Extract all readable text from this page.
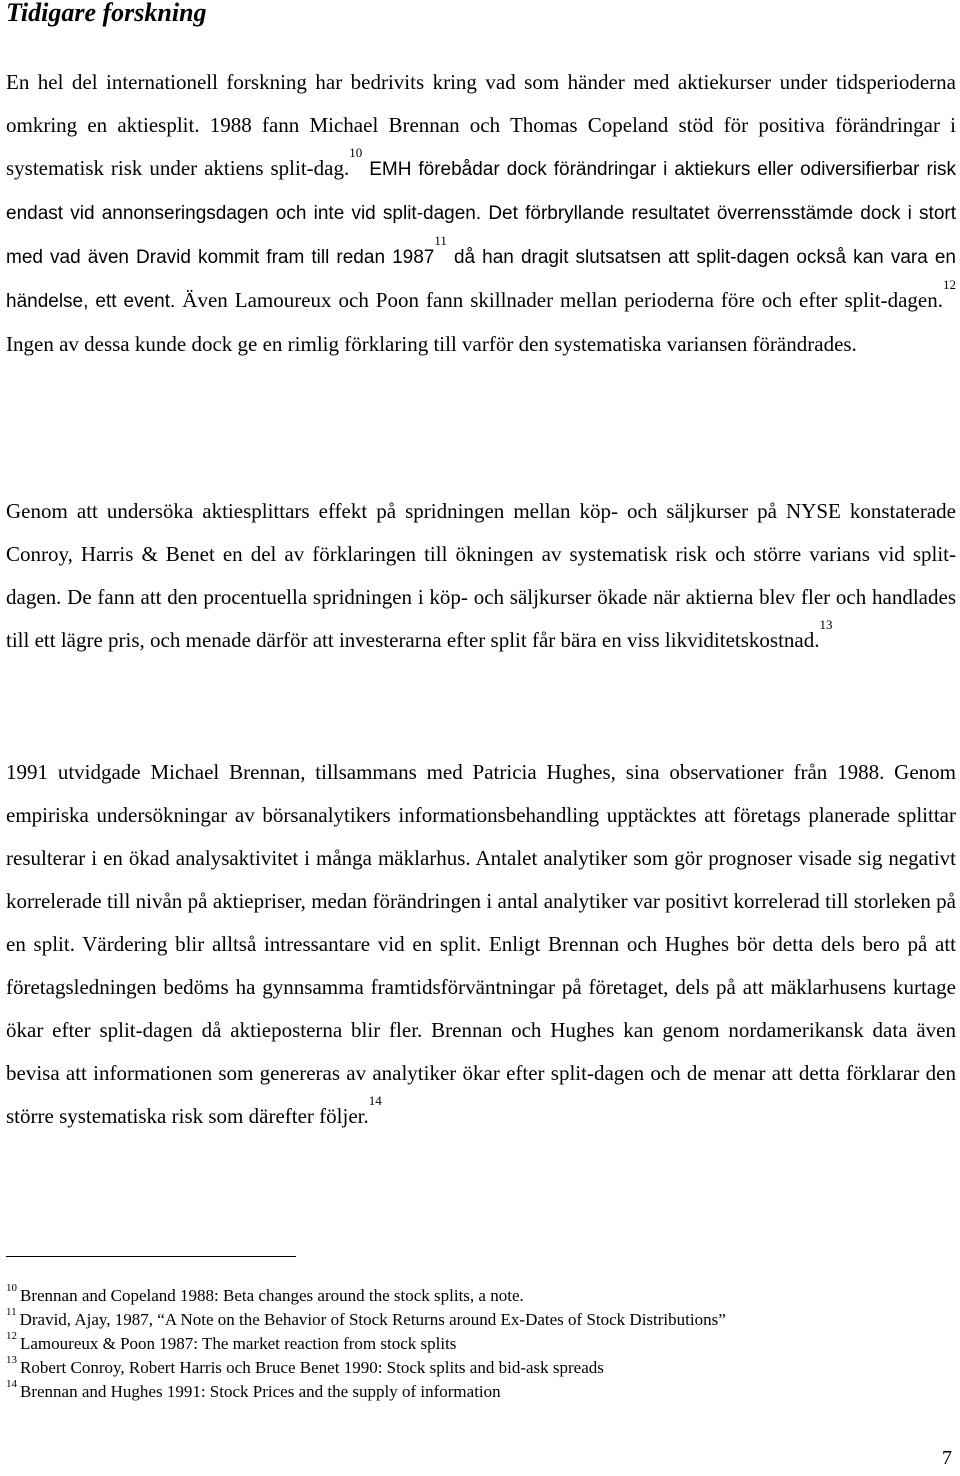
Tidigare forskning

En hel del internationell forskning har bedrivits kring vad som händer med aktiekurser under tidsperioderna omkring en aktiesplit. 1988 fann Michael Brennan och Thomas Copeland stöd för positiva förändringar i systematisk risk under aktiens split-dag.$^{10}$ EMH förebådar dock förändringar i aktiekurs eller odiversifierbar risk endast vid annonseringsdagen och inte vid split-dagen. Det förbryllande resultatet överrensstämde dock i stort med vad även Dravid kommit fram till redan 1987$^{11}$ då han dragit slutsatsen att split-dagen också kan vara en händelse, ett event. Även Lamoureux och Poon fann skillnader mellan perioderna före och efter split-dagen.$^{12}$ Ingen av dessa kunde dock ge en rimlig förklaring till varför den systematiska variansen förändrades.

Genom att undersöka aktiesplittars effekt på spridningen mellan köp- och säljkurser på NYSE konstaterade Conroy, Harris & Benet en del av förklaringen till ökningen av systematisk risk och större varians vid split-dagen. De fann att den procentuella spridningen i köp- och säljkurser ökade när aktierna blev fler och handlades till ett lägre pris, och menade därför att investerarna efter split får bära en viss likviditetskostnad.$^{13}$

1991 utvidgade Michael Brennan, tillsammans med Patricia Hughes, sina observationer från 1988. Genom empiriska undersökningar av börsanalytikers informationsbehandling upptäcktes att företags planerade splittar resulterar i en ökad analysaktivitet i många mäklarhus. Antalet analytiker som gör prognoser visade sig negativt korrelerade till nivån på aktiepriser, medan förändringen i antal analytiker var positivt korrelerad till storleken på en split. Värdering blir alltså intressantare vid en split. Enligt Brennan och Hughes bör detta dels bero på att företagsledningen bedöms ha gynnsamma framtidsförväntningar på företaget, dels på att mäklarhusens kurtage ökar efter split-dagen då aktieposterna blir fler. Brennan och Hughes kan genom nordamerikansk data även bevisa att informationen som genereras av analytiker ökar efter split-dagen och de menar att detta förklarar den större systematiska risk som därefter följer.$^{14}$

$^{10}$ Brennan and Copeland 1988: Beta changes around the stock splits, a note.
$^{11}$ Dravid, Ajay, 1987, “A Note on the Behavior of Stock Returns around Ex-Dates of Stock Distributions”
$^{12}$ Lamoureux & Poon 1987: The market reaction from stock splits
$^{13}$ Robert Conroy, Robert Harris och Bruce Benet 1990: Stock splits and bid-ask spreads
$^{14}$ Brennan and Hughes 1991: Stock Prices and the supply of information
7
